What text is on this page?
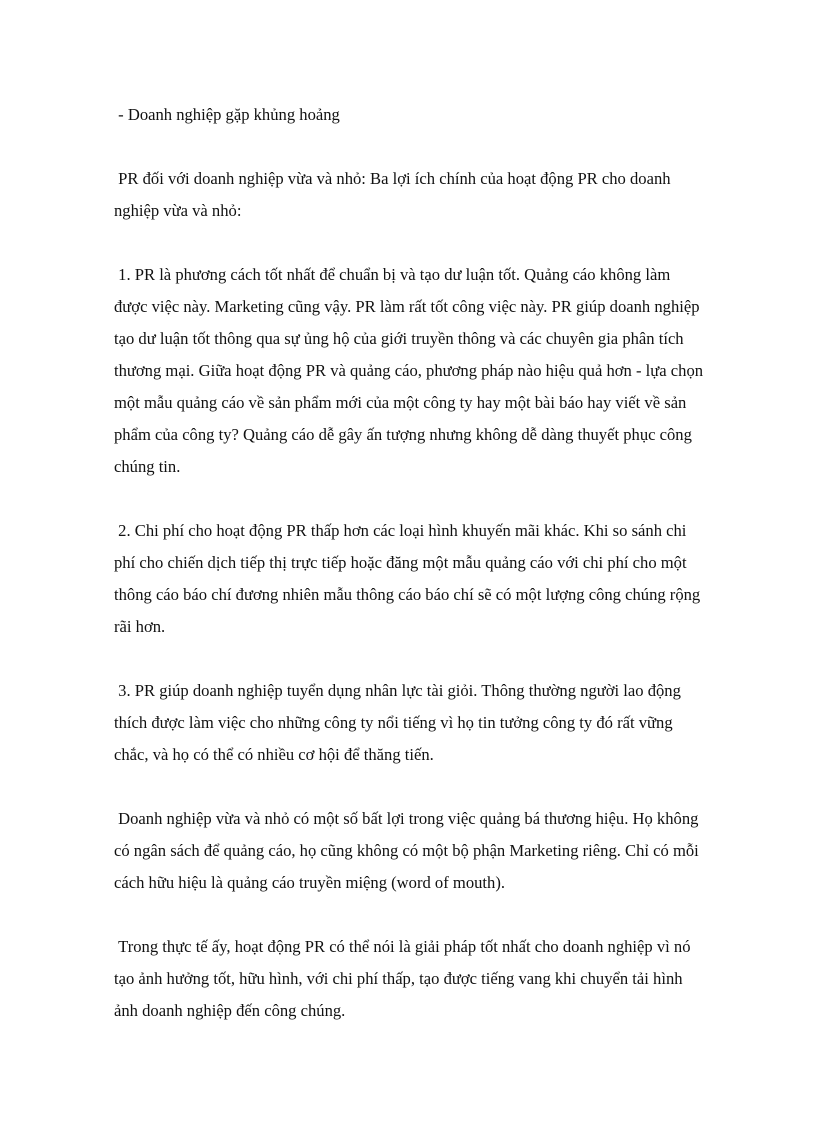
- Doanh nghiệp gặp khủng hoảng

PR đối với doanh nghiệp vừa và nhỏ: Ba lợi ích chính của hoạt động PR cho doanh nghiệp vừa và nhỏ:

1. PR là phương cách tốt nhất để chuẩn bị và tạo dư luận tốt. Quảng cáo không làm được việc này. Marketing cũng vậy. PR làm rất tốt công việc này. PR giúp doanh nghiệp tạo dư luận tốt thông qua sự ủng hộ của giới truyền thông và các chuyên gia phân tích thương mại. Giữa hoạt động PR và quảng cáo, phương pháp nào hiệu quả hơn - lựa chọn một mẫu quảng cáo về sản phẩm mới của một công ty hay một bài báo hay viết về sản phẩm của công ty? Quảng cáo dễ gây ấn tượng nhưng không dễ dàng thuyết phục công chúng tin.

2. Chi phí cho hoạt động PR thấp hơn các loại hình khuyến mãi khác. Khi so sánh chi phí cho chiến dịch tiếp thị trực tiếp hoặc đăng một mẫu quảng cáo với chi phí cho một thông cáo báo chí đương nhiên mẫu thông cáo báo chí sẽ có một lượng công chúng rộng rãi hơn.

3. PR giúp doanh nghiệp tuyển dụng nhân lực tài giỏi. Thông thường người lao động thích được làm việc cho những công ty nổi tiếng vì họ tin tưởng công ty đó rất vững chắc, và họ có thể có nhiều cơ hội để thăng tiến.

Doanh nghiệp vừa và nhỏ có một số bất lợi trong việc quảng bá thương hiệu. Họ không có ngân sách để quảng cáo, họ cũng không có một bộ phận Marketing riêng. Chỉ có mỗi cách hữu hiệu là quảng cáo truyền miệng (word of mouth).

Trong thực tế ấy, hoạt động PR có thể nói là giải pháp tốt nhất cho doanh nghiệp vì nó tạo ảnh hưởng tốt, hữu hình, với chi phí thấp, tạo được tiếng vang khi chuyển tải hình ảnh doanh nghiệp đến công chúng.
